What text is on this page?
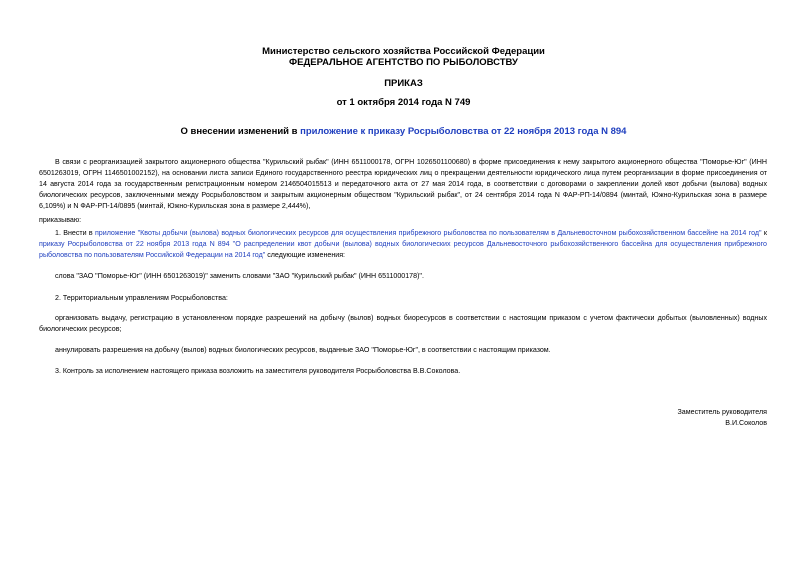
Министерство сельского хозяйства Российской Федерации
ФЕДЕРАЛЬНОЕ АГЕНТСТВО ПО РЫБОЛОВСТВУ
ПРИКАЗ
от 1 октября 2014 года N 749
О внесении изменений в приложение к приказу Росрыболовства от 22 ноября 2013 года N 894
В связи с реорганизацией закрытого акционерного общества "Курильский рыбак" (ИНН 6511000178, ОГРН 1026501100680) в форме присоединения к нему закрытого акционерного общества "Поморье-Юг" (ИНН 6501263019, ОГРН 1146501002152), на основании листа записи Единого государственного реестра юридических лиц о прекращении деятельности юридического лица путем реорганизации в форме присоединения от 14 августа 2014 года за государственным регистрационным номером 2146504015513 и передаточного акта от 27 мая 2014 года, в соответствии с договорами о закреплении долей квот добычи (вылова) водных биологических ресурсов, заключенными между Росрыболовством и закрытым акционерным обществом "Курильский рыбак", от 24 сентября 2014 года N ФАР-РП-14/0894 (минтай, Южно-Курильская зона в размере 6,109%) и N ФАР-РП-14/0895 (минтай, Южно-Курильская зона в размере 2,444%),
приказываю:
1. Внести в приложение "Квоты добычи (вылова) водных биологических ресурсов для осуществления прибрежного рыболовства по пользователям в Дальневосточном рыбохозяйственном бассейне на 2014 год" к приказу Росрыболовства от 22 ноября 2013 года N 894 "О распределении квот добычи (вылова) водных биологических ресурсов Дальневосточного рыбохозяйственного бассейна для осуществления прибрежного рыболовства по пользователям Российской Федерации на 2014 год" следующие изменения:
слова "ЗАО "Поморье-Юг" (ИНН 6501263019)" заменить словами "ЗАО "Курильский рыбак" (ИНН 6511000178)".
2. Территориальным управлениям Росрыболовства:
организовать выдачу, регистрацию в установленном порядке разрешений на добычу (вылов) водных биоресурсов в соответствии с настоящим приказом с учетом фактически добытых (выловленных) водных биологических ресурсов;
аннулировать разрешения на добычу (вылов) водных биологических ресурсов, выданные ЗАО "Поморье-Юг", в соответствии с настоящим приказом.
3. Контроль за исполнением настоящего приказа возложить на заместителя руководителя Росрыболовства В.В.Соколова.
Заместитель руководителя
В.И.Соколов
